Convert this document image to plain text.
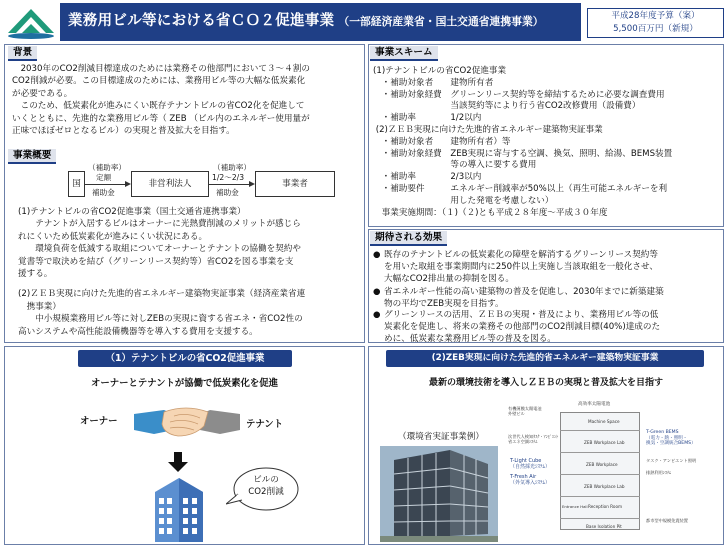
業務用ビル等における省ＣＯ２促進事業 （一部経済産業省・国土交通省連携事業）	平成28年度予算（案）
5,500百万円（新規）
背景
　2030年のCO2削減目標達成のためには業務その他部門において３～４割の
CO2削減が必要。この目標達成のためには、業務用ビル等の大幅な低炭素化
が必要である。
　このため、低炭素化が進みにくい既存テナントビルの省CO2化を促進して
いくとともに、先進的な業務用ビル等（ ZEB （ビル内のエネルギー使用量が
正味でほぼゼロとなるビル）の実現と普及拡大を目指す。
事業概要
国
（補助率）
定額
補助金
非営利法人
（補助率）
1/2～2/3
補助金
事業者
(1)テナントビルの省CO2促進事業（国土交通省連携事業）
　　テナントが入居するビルはオーナーに光熱費削減のメリットが感じら
れにくいため低炭素化が進みにくい状況にある。
　　環境負荷を低減する取組についてオーナーとテナントの協働を契約や
覚書等で取決めを結び（グリーンリース契約等）省CO2を図る事業を支
援する。
(2)ＺＥＢ実現に向けた先進的省エネルギー建築物実証事業（経済産業省連
　携事業）
　　中小規模業務用ビル等に対しZEBの実現に資する省エネ・省CO2性の
高いシステムや高性能設備機器等を導入する費用を支援する。
事業スキーム
(1)テナントビルの省CO2促進事業
　・補助対象者　　建物所有者
　・補助対象経費　グリーンリース契約等を締結するために必要な調査費用
　　　　　　　　　当該契約等により行う省CO2改修費用（設備費）
　・補助率　　　　1/2以内
(2)ＺＥＢ実現に向けた先進的省エネルギー建築物実証事業
　・補助対象者　　建物所有者）等
　・補助対象経費　ZEB実現に寄与する空調、換気、照明、給湯、BEMS装置
　　　　　　　　　等の導入に要する費用
　・補助率　　　　2/3以内
　・補助要件　　　エネルギー削減率が50%以上（再生可能エネルギーを利
　　　　　　　　　用した発電を考慮しない）
　事業実施期間：（１)（２)とも平成２８年度～平成３０年度
期待される効果
● 既存のテナントビルの低炭素化の障壁を解消するグリーンリース契約等
を用いた取組を事業期間内に250件以上実施し当該取組を一般化させ、
大幅なCO2排出量の抑制を図る。
● 省エネルギー性能の高い建築物の普及を促進し、2030年までに新築建築
物の平均でZEB実現を目指す。
● グリーンリースの活用、ＺＥＢの実現・普及により、業務用ビル等の低
炭素化を促進し、将来の業務その他部門のCO2削減目標(40%)達成のた
めに、低炭素な業務用ビル等の普及を図る。
（1）テナントビルの省CO2促進事業
オーナーとテナントが協働で低炭素化を促進
オーナー	テナント
ビルの
CO2削減
(2)ZEB実現に向けた先進的省エネルギー建築物実証事業
最新の環境技術を導入しＺＥＢの実現と普及拡大を目指す
（環境省実証事業例）
高効率太陽電池
有機薄膜太陽電池
外壁ビル
Machine Space
ZEB Workplace Lab
ZEB Workplace
ZEB Workplace Lab
Reception Room
Entrance Hall
Base Isolation Pit
次世代人検知ﾀｽｸ・ｱﾝﾋﾞｴﾝﾄ
省エネ空調ｼｽﾃﾑ
T-Light Cube
（自然採光ｼｽﾃﾑ）
T-Fresh Air
（外気導入ｼｽﾃﾑ）
T-Green BEMS
（電力・熱・照明・
換気・空調統合BEMS）
タスク・アンビエント照明
排熱利用ｼｽﾃﾑ
都市型中規模免震装置
